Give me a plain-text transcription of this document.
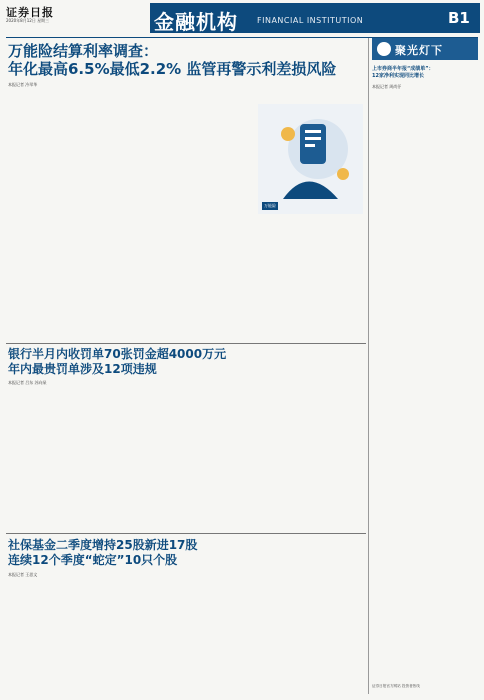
证券日报
2020年8月12日 星期三	金融机构 FINANCIAL INSTITUTION	B1
万能险结算利率调查：
年化最高6.5%最低2.2% 监管再警示利差损风险
本报记者 冷翠华
万能险
银行半月内收罚单70张罚金超4000万元
年内最贵罚单涉及12项违规
本报记者 吕东 苏向杲
社保基金二季度增持25股新进17股
连续12个季度“蛇定”10只个股
本报记者 王思文
聚光灯下
上市券商半年报“成绩单”：
12家净利实现同比增长
本报记者 周尚伃
证券日报官方网站 投资者热线
